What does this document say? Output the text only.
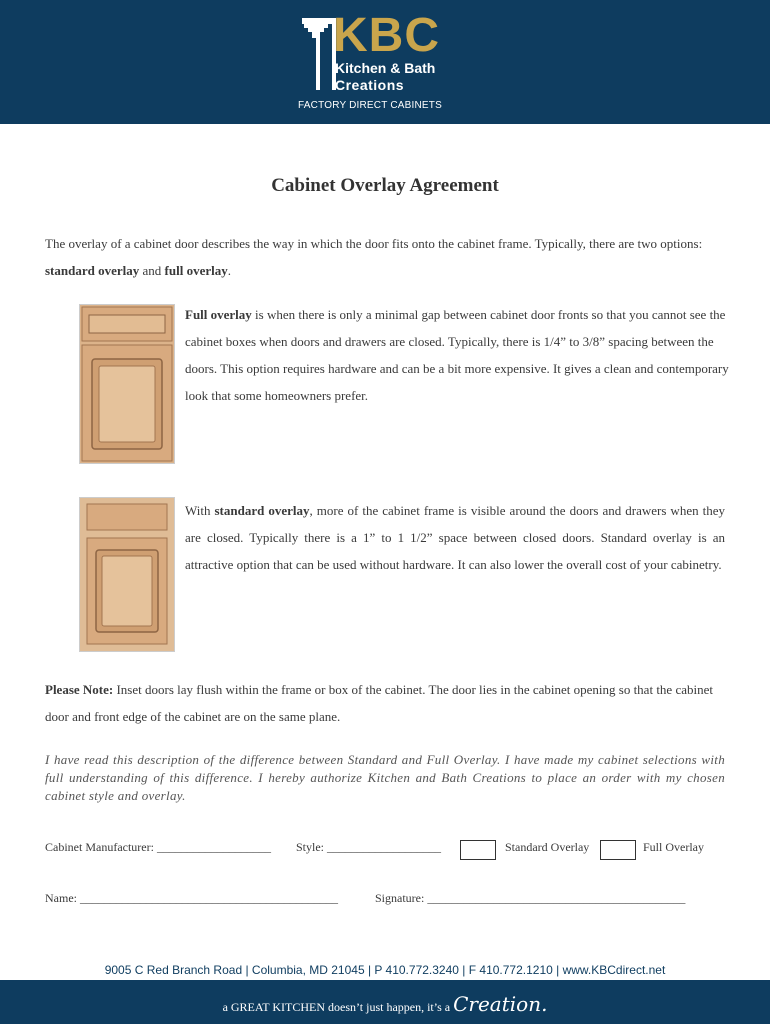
KBC
Kitchen & Bath
Creations
FACTORY DIRECT CABINETS
Cabinet Overlay Agreement
The overlay of a cabinet door describes the way in which the door fits onto the cabinet frame. Typically, there are two options: standard overlay and full overlay.
Full overlay is when there is only a minimal gap between cabinet door fronts so that you cannot see the cabinet boxes when doors and drawers are closed. Typically, there is 1/4” to 3/8” spacing between the doors. This option requires hardware and can be a bit more expensive. It gives a clean and contemporary look that some homeowners prefer.
With standard overlay, more of the cabinet frame is visible around the doors and drawers when they are closed. Typically there is a 1” to 1 1/2” space between closed doors. Standard overlay is an attractive option that can be used without hardware. It can also lower the overall cost of your cabinetry.
Please Note: Inset doors lay flush within the frame or box of the cabinet. The door lies in the cabinet opening so that the cabinet door and front edge of the cabinet are on the same plane.
I have read this description of the difference between Standard and Full Overlay. I have made my cabinet selections with full understanding of this difference. I hereby authorize Kitchen and Bath Creations to place an order with my chosen cabinet style and overlay.
Cabinet Manufacturer: ___________________ Style: ___________________	Standard Overlay	Full Overlay
Name: ___________________________________________	Signature: ___________________________________________
9005 C Red Branch Road | Columbia, MD 21045 | P 410.772.3240 | F 410.772.1210 | www.KBCdirect.net
a GREAT KITCHEN doesn’t just happen, it’s a Creation.
